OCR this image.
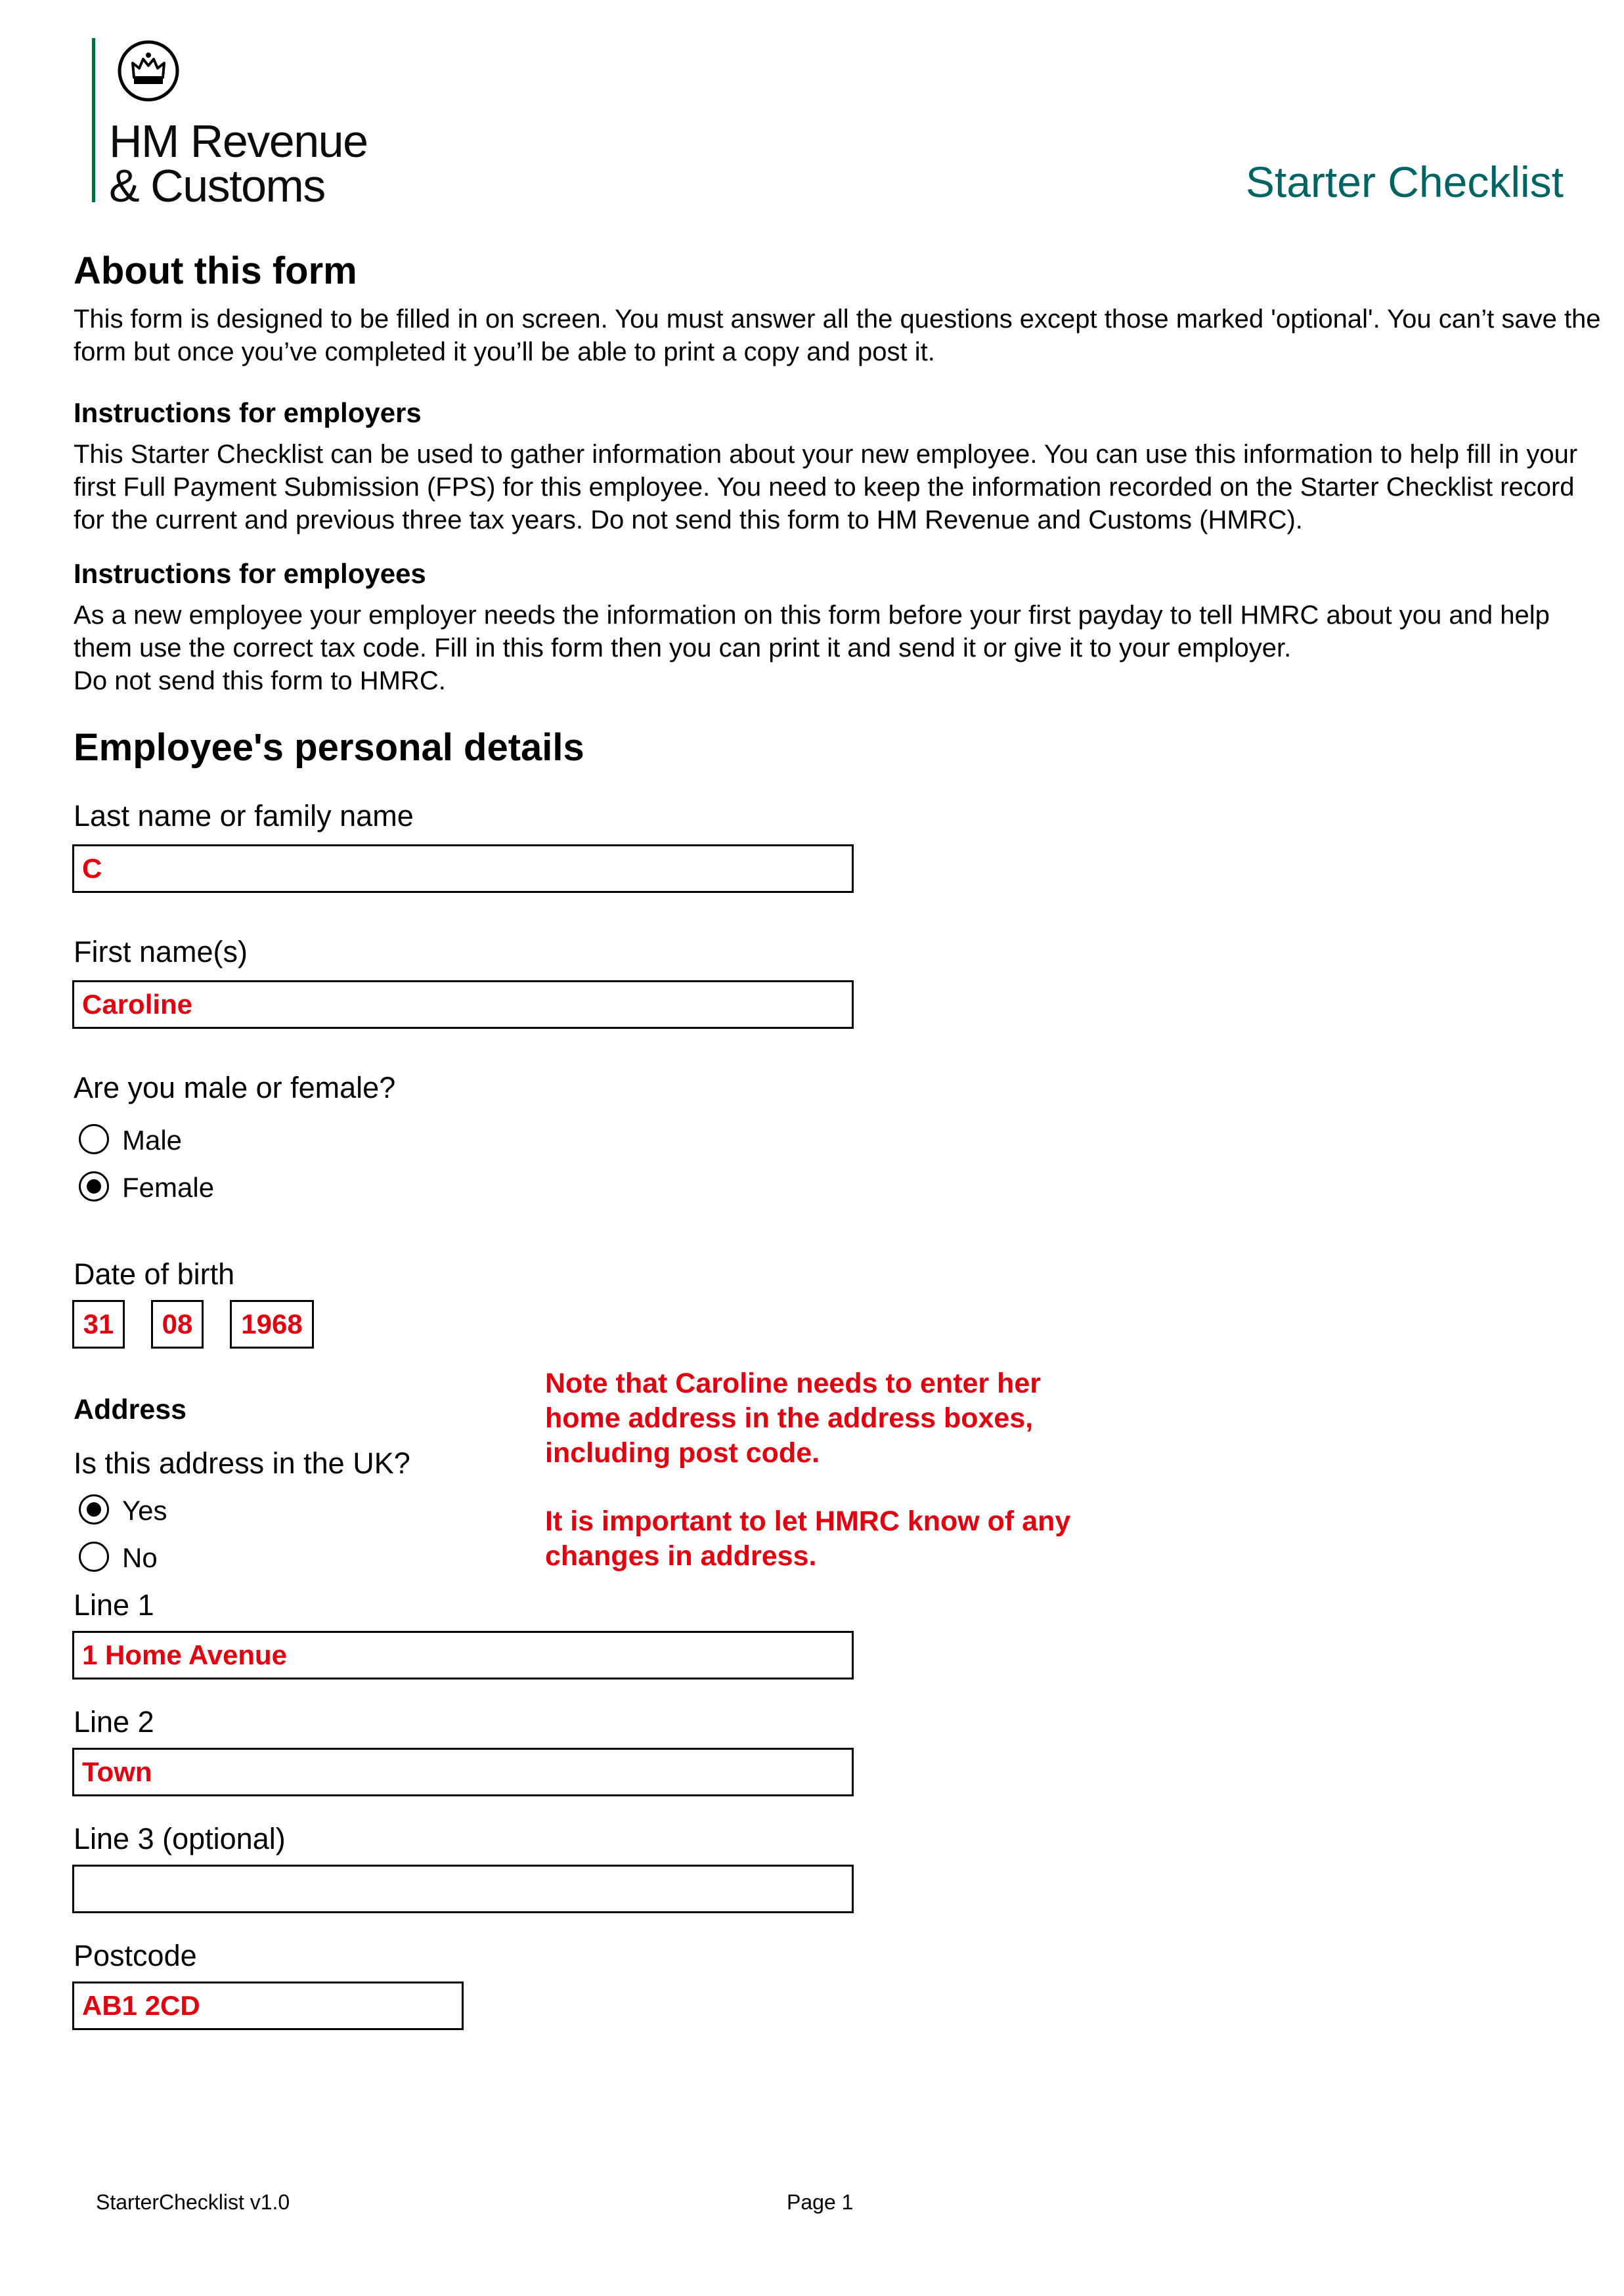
HM Revenue
& Customs	Starter Checklist
About this form

This form is designed to be filled in on screen. You must answer all the questions except those marked 'optional'. You can’t save the form but once you’ve completed it you’ll be able to print a copy and post it.

Instructions for employers

This Starter Checklist can be used to gather information about your new employee. You can use this information to help fill in your first Full Payment Submission (FPS) for this employee. You need to keep the information recorded on the Starter Checklist record for the current and previous three tax years. Do not send this form to HM Revenue and Customs (HMRC).

Instructions for employees

As a new employee your employer needs the information on this form before your first payday to tell HMRC about you and help them use the correct tax code. Fill in this form then you can print it and send it or give it to your employer.

Do not send this form to HMRC.

Employee's personal details
Last name or family name
C
First name(s)
Caroline
Are you male or female?
Male
Female
Date of birth
31	08	1968
Address
Is this address in the UK?
Yes
No

Note that Caroline needs to enter her home address in the address boxes, including post code.

It is important to let HMRC know of any changes in address.

Line 1
1 Home Avenue
Line 2
Town
Line 3 (optional)
Postcode
AB1 2CD
StarterChecklist v1.0	Page 1
